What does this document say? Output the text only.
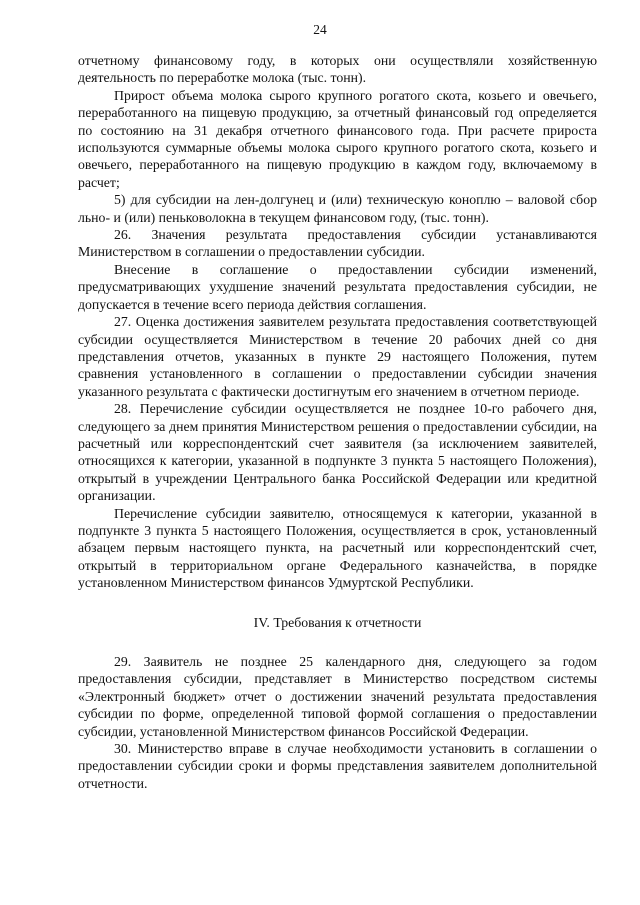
24

отчетному финансовому году, в которых они осуществляли хозяйственную деятельность по переработке молока (тыс. тонн).

Прирост объема молока сырого крупного рогатого скота, козьего и овечьего, переработанного на пищевую продукцию, за отчетный финансовый год определяется по состоянию на 31 декабря отчетного финансового года. При расчете прироста используются суммарные объемы молока сырого крупного рогатого скота, козьего и овечьего, переработанного на пищевую продукцию в каждом году, включаемому в расчет;

5) для субсидии на лен-долгунец и (или) техническую коноплю – валовой сбор льно- и (или) пеньковолокна в текущем финансовом году, (тыс. тонн).

26. Значения результата предоставления субсидии устанавливаются Министерством в соглашении о предоставлении субсидии.

Внесение в соглашение о предоставлении субсидии изменений, предусматривающих ухудшение значений результата предоставления субсидии, не допускается в течение всего периода действия соглашения.

27. Оценка достижения заявителем результата предоставления соответствующей субсидии осуществляется Министерством в течение 20 рабочих дней со дня представления отчетов, указанных в пункте 29 настоящего Положения, путем сравнения установленного в соглашении о предоставлении субсидии значения указанного результата с фактически достигнутым его значением в отчетном периоде.

28. Перечисление субсидии осуществляется не позднее 10-го рабочего дня, следующего за днем принятия Министерством решения о предоставлении субсидии, на расчетный или корреспондентский счет заявителя (за исключением заявителей, относящихся к категории, указанной в подпункте 3 пункта 5 настоящего Положения), открытый в учреждении Центрального банка Российской Федерации или кредитной организации.

Перечисление субсидии заявителю, относящемуся к категории, указанной в подпункте 3 пункта 5 настоящего Положения, осуществляется в срок, установленный абзацем первым настоящего пункта, на расчетный или корреспондентский счет, открытый в территориальном органе Федерального казначейства, в порядке установленном Министерством финансов Удмуртской Республики.

IV. Требования к отчетности

29. Заявитель не позднее 25 календарного дня, следующего за годом предоставления субсидии, представляет в Министерство посредством системы «Электронный бюджет» отчет о достижении значений результата предоставления субсидии по форме, определенной типовой формой соглашения о предоставлении субсидии, установленной Министерством финансов Российской Федерации.

30. Министерство вправе в случае необходимости установить в соглашении о предоставлении субсидии сроки и формы представления заявителем дополнительной отчетности.
